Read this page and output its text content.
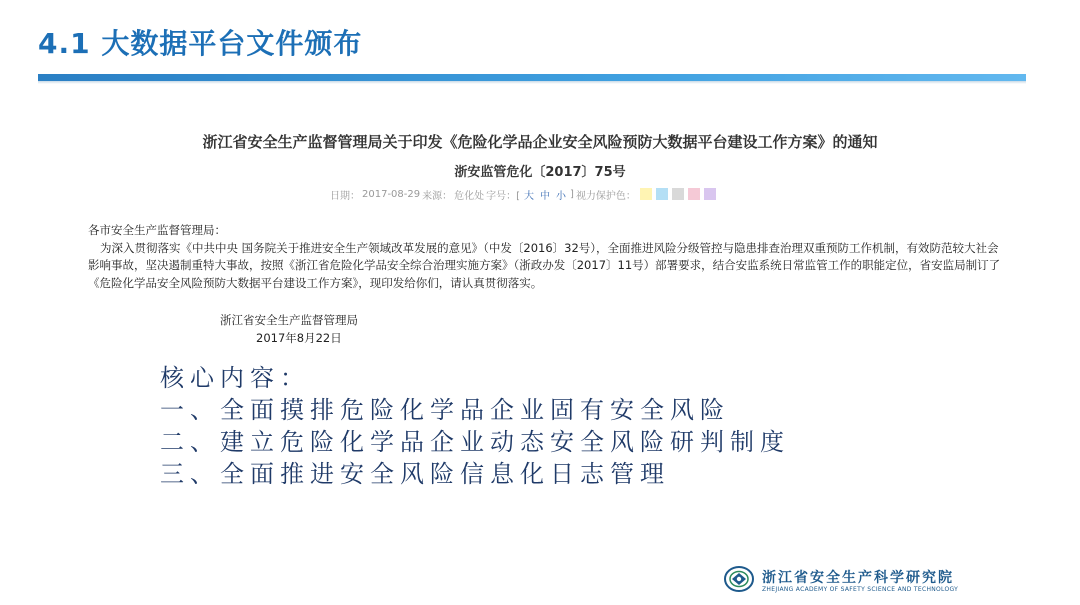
4.1 大数据平台文件颁布
浙江省安全生产监督管理局关于印发《危险化学品企业安全风险预防大数据平台建设工作方案》的通知
浙安监管危化〔2017〕75号
日期： 2017-08-29 来源： 危化处 字号：[ 大 中 小 ] 视力保护色：

各市安全生产监督管理局：

为深入贯彻落实《中共中央 国务院关于推进安全生产领域改革发展的意见》（中发〔2016〕32号），全面推进风险分级管控与隐患排查治理双重预防工作机制，有效防范较大社会影响事故，坚决遏制重特大事故，按照《浙江省危险化学品安全综合治理实施方案》（浙政办发〔2017〕11号）部署要求，结合安监系统日常监管工作的职能定位，省安监局制订了《危险化学品安全风险预防大数据平台建设工作方案》，现印发给你们，请认真贯彻落实。

浙江省安全生产监督管理局
2017年8月22日
核心内容：
一、全面摸排危险化学品企业固有安全风险
二、建立危险化学品企业动态安全风险研判制度
三、全面推进安全风险信息化日志管理
浙江省安全生产科学研究院
ZHEJIANG ACADEMY OF SAFETY SCIENCE AND TECHNOLOGY
